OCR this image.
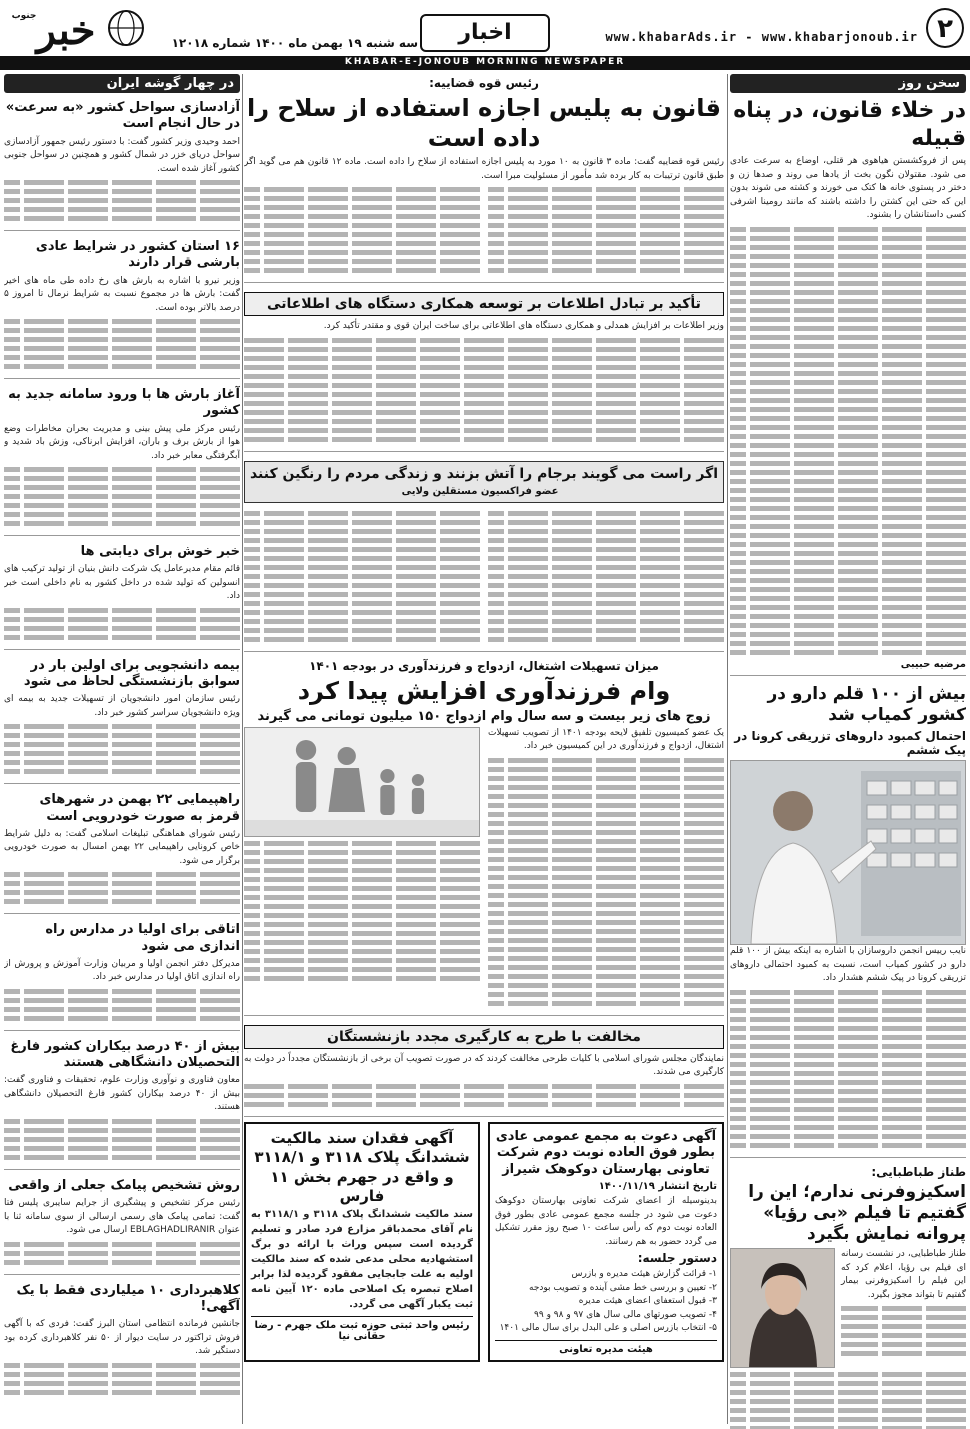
۲
www.khabarAds.ir - www.khabarjonoub.ir
اخبار
سه شنبه ۱۹ بهمن ماه ۱۴۰۰ شماره ۱۲۰۱۸
خبر
جنوب
KHABAR-E-JONOUB MORNING NEWSPAPER
سخن روز
در خلاء قانون، در پناه قبیله

پس از فروکشستن هیاهوی هر قتلی، اوضاع به سرعت عادی می شود. مقتولان نگون بخت از یادها می روند و صدها زن و دختر در پستوی خانه ها کتک می خورند و کشته می شوند بدون این که حتی این کشتن را داشته باشند که مانند رومینا اشرفی کسی داستانشان را بشنود.

مرضیه حبیبی
بیش از ۱۰۰ قلم دارو در کشور کمیاب شد
احتمال کمبود داروهای تزریقی کرونا در پیک ششم

نایب رییس انجمن داروسازان با اشاره به اینکه بیش از ۱۰۰ قلم دارو در کشور کمیاب است، نسبت به کمبود احتمالی داروهای تزریقی کرونا در پیک ششم هشدار داد.

طناز طباطبایی:
اسکیزوفرنی ندارم؛ این را گفتیم تا فیلم «بی رؤیا» پروانه نمایش بگیرد

طناز طباطبایی، در نشست رسانه ای فیلم بی رؤیا، اعلام کرد که این فیلم را اسکیزوفرنی بیمار گفتیم تا بتواند مجوز بگیرد.

رئیس قوه قضاییه:
قانون به پلیس اجازه استفاده از سلاح را داده است

رئیس قوه قضاییه گفت: ماده ۳ قانون به ۱۰ مورد به پلیس اجازه استفاده از سلاح را داده است. ماده ۱۲ قانون هم می گوید اگر طبق قانون ترتیبات به کار برده شد مأمور از مسئولیت مبرا است.

تأکید بر تبادل اطلاعات بر توسعه همکاری دستگاه های اطلاعاتی

وزیر اطلاعات بر افزایش همدلی و همکاری دستگاه های اطلاعاتی برای ساخت ایران قوی و مقتدر تأکید کرد.

اگر راست می گویند برجام را آتش بزنند و زندگی مردم را رنگین کنند عضو فراکسیون مستقلین ولایی
میزان تسهیلات اشتغال، ازدواج و فرزندآوری در بودجه ۱۴۰۱
وام فرزندآوری افزایش پیدا کرد
زوج های زیر بیست و سه سال وام ازدواج ۱۵۰ میلیون تومانی می گیرند

یک عضو کمیسیون تلفیق لایحه بودجه ۱۴۰۱ از تصویب تسهیلات اشتغال، ازدواج و فرزندآوری در این کمیسیون خبر داد.

مخالفت با طرح به کارگیری مجدد بازنشستگان

نمایندگان مجلس شورای اسلامی با کلیات طرحی مخالفت کردند که در صورت تصویب آن برخی از بازنشستگان مجدداً در دولت به کارگیری می شدند.

آگهی دعوت به مجمع عمومی عادی بطور فوق العاده نوبت دوم شرکت تعاونی بهارستان دوکوهک شیراز
تاریخ انتشار ۱۴۰۰/۱۱/۱۹

بدینوسیله از اعضای شرکت تعاونی بهارستان دوکوهک دعوت می شود در جلسه مجمع عمومی عادی بطور فوق العاده نوبت دوم که رأس ساعت ۱۰ صبح روز مقرر تشکیل می گردد حضور به هم رسانند.

دستور جلسه:

۱- قرائت گزارش هیئت مدیره و بازرس

۲- تعیین و بررسی خط مشی آینده و تصویب بودجه

۳- قبول استعفای اعضای هیئت مدیره

۴- تصویب صورتهای مالی سال های ۹۷ و ۹۸ و ۹۹

۵- انتخاب بازرس اصلی و علی البدل برای سال مالی ۱۴۰۱

هیئت مدیره تعاونی
آگهی فقدان سند مالکیت ششدانگ پلاک ۳۱۱۸ و ۳۱۱۸/۱ و واقع در جهرم بخش ۱۱ فارس

سند مالکیت ششدانگ پلاک ۳۱۱۸ و ۳۱۱۸/۱ به نام آقای محمدباقر مزارع فرد صادر و تسلیم گردیده است سپس وراث با ارائه دو برگ استشهادیه محلی مدعی شده که سند مالکیت اولیه به علت جابجایی مفقود گردیده لذا برابر اصلاح تبصره یک اصلاحی ماده ۱۲۰ آیین نامه ثبت یکبار آگهی می گردد.

رئیس واحد ثبتی حوزه ثبت ملک جهرم - رضا حقانی نیا
در چهار گوشه ایران
آزادسازی سواحل کشور «به سرعت» در حال انجام است

احمد وحیدی وزیر کشور گفت: با دستور رئیس جمهور آزادسازی سواحل دریای خزر در شمال کشور و همچنین در سواحل جنوبی کشور آغاز شده است.

۱۶ استان کشور در شرایط عادی بارشی قرار دارند

وزیر نیرو با اشاره به بارش های رخ داده طی ماه های اخیر گفت: بارش ها در مجموع نسبت به شرایط نرمال تا امروز ۵ درصد بالاتر بوده است.

آغاز بارش ها با ورود سامانه جدید به کشور

رئیس مرکز ملی پیش بینی و مدیریت بحران مخاطرات وضع هوا از بارش برف و باران، افزایش ابرناکی، وزش باد شدید و آبگرفتگی معابر خبر داد.

خبر خوش برای دیابتی ها

قائم مقام مدیرعامل یک شرکت دانش بنیان از تولید ترکیب های انسولین که تولید شده در داخل کشور به نام داخلی است خبر داد.

بیمه دانشجویی برای اولین بار در سوابق بازنشستگی لحاظ می شود

رئیس سازمان امور دانشجویان از تسهیلات جدید به بیمه ای ویژه دانشجویان سراسر کشور خبر داد.

راهپیمایی ۲۲ بهمن در شهرهای قرمز به صورت خودرویی است

رئیس شورای هماهنگی تبلیغات اسلامی گفت: به دلیل شرایط خاص کرونایی راهپیمایی ۲۲ بهمن امسال به صورت خودرویی برگزار می شود.

اتاقی برای اولیا در مدارس راه اندازی می شود

مدیرکل دفتر انجمن اولیا و مربیان وزارت آموزش و پرورش از راه اندازی اتاق اولیا در مدارس خبر داد.

بیش از ۴۰ درصد بیکاران کشور فارغ التحصیلان دانشگاهی هستند

معاون فناوری و نوآوری وزارت علوم، تحقیقات و فناوری گفت: بیش از ۴۰ درصد بیکاران کشور فارغ التحصیلان دانشگاهی هستند.

روش تشخیص پیامک جعلی از واقعی

رئیس مرکز تشخیص و پیشگیری از جرایم سایبری پلیس فتا گفت: تمامی پیامک های رسمی ارسالی از سوی سامانه ثنا با عنوان EBLAGHADLIRANIR ارسال می شود.

کلاهبرداری ۱۰ میلیاردی فقط با یک آگهی!

جانشین فرمانده انتظامی استان البرز گفت: فردی که با آگهی فروش تراکتور در سایت دیوار از ۵۰ نفر کلاهبرداری کرده بود دستگیر شد.
